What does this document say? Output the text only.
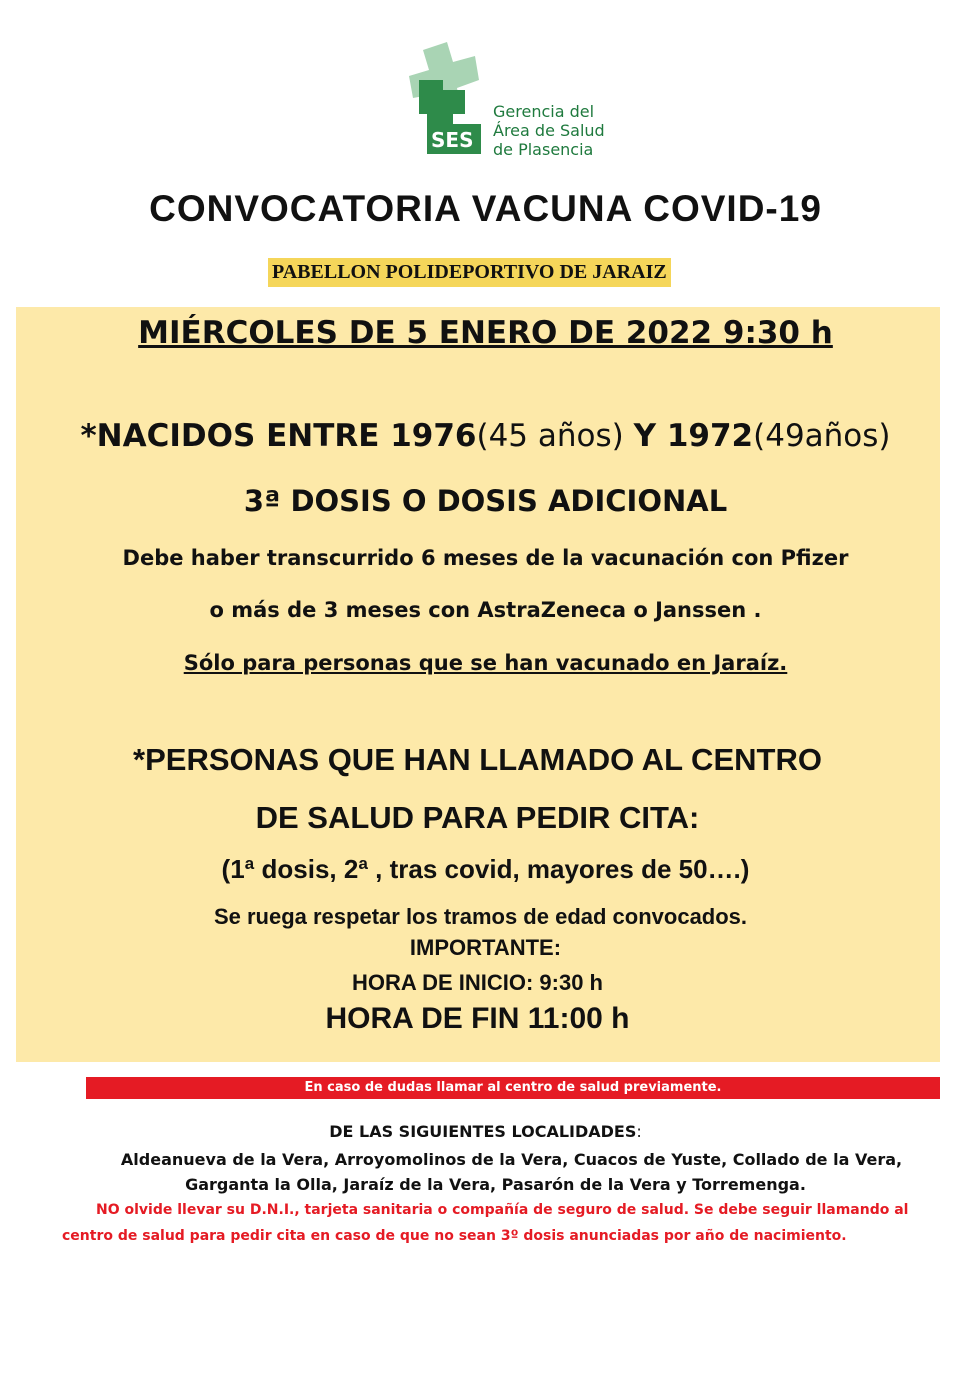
SES
Gerencia del
Área de Salud
de Plasencia
CONVOCATORIA VACUNA COVID-19
PABELLON POLIDEPORTIVO DE JARAIZ
MIÉRCOLES DE 5 ENERO DE 2022 9:30 h
*NACIDOS ENTRE 1976(45 años) Y 1972(49años)
3ª DOSIS O DOSIS ADICIONAL
Debe haber transcurrido 6 meses de la vacunación con Pfizer
o más de 3 meses con AstraZeneca o Janssen .
Sólo para personas que se han vacunado en Jaraíz.
*PERSONAS QUE HAN LLAMADO AL CENTRO
DE SALUD PARA PEDIR CITA:
(1ª dosis, 2ª , tras covid, mayores de 50….)
Se ruega respetar los tramos de edad convocados.
IMPORTANTE:
HORA DE INICIO: 9:30 h
HORA DE FIN 11:00 h
En caso de dudas llamar al centro de salud previamente.
DE LAS SIGUIENTES LOCALIDADES:
Aldeanueva de la Vera, Arroyomolinos de la Vera, Cuacos de Yuste, Collado de la Vera,
Garganta la Olla, Jaraíz de la Vera, Pasarón de la Vera y Torremenga.
NO olvide llevar su D.N.I., tarjeta sanitaria o compañía de seguro de salud. Se debe seguir llamando al
centro de salud para pedir cita en caso de que no sean 3º dosis anunciadas por año de nacimiento.
